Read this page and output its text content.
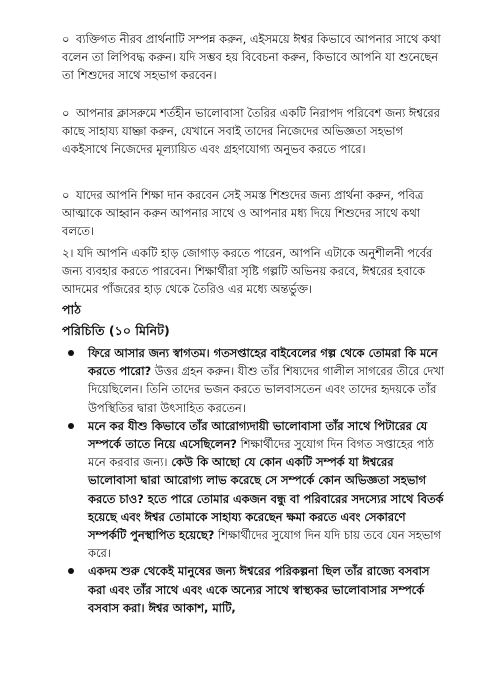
০ ব্যক্তিগত নীরব প্রার্থনাটি সম্পন্ন করুন, এইসময়ে ঈশ্বর কিভাবে আপনার সাথে কথা বলেন তা লিপিবদ্ধ করুন। যদি সম্ভব হয় বিবেচনা করুন, কিভাবে আপনি যা শুনেছেন তা শিশুদের সাথে সহভাগ করবেন।
০ আপনার ক্লাসরুমে শর্তহীন ভালোবাসা তৈরির একটি নিরাপদ পরিবেশ জন্য ঈশ্বরের কাছে সাহায্য যাচ্ঞা করুন, যেখানে সবাই তাদের নিজেদের অভিজ্ঞতা সহভাগ একইসাথে নিজেদের মূল্যায়িত এবং গ্রহণযোগ্য অনুভব করতে পারে।
০ যাদের আপনি শিক্ষা দান করবেন সেই সমস্ত শিশুদের জন্য প্রার্থনা করুন, পবিত্র আত্মাকে আহ্বান করুন আপনার সাথে ও আপনার মধ্য দিয়ে শিশুদের সাথে কথা বলতে।
২। যদি আপনি একটি হাড় জোগাড় করতে পারেন, আপনি এটাকে অনুশীলনী পর্বের জন্য ব্যবহার করতে পারবেন। শিক্ষার্থীরা সৃষ্টি গল্পটি অভিনয় করবে, ঈশ্বরের হবাকে আদমের পাঁজরের হাড় থেকে তৈরিও এর মধ্যে অন্তর্ভুক্ত।
পাঠ
পরিচিতি (১০ মিনিট)
ফিরে আসার জন্য স্বাগতম। গতসপ্তাহের বাইবেলের গল্প থেকে তোমরা কি মনে করতে পারো? উত্তর গ্রহন করুন। যীশু তাঁর শিষ্যদের গালীল সাগরের তীরে দেখা দিয়েছিলেন। তিনি তাদের ভজন করতে ভালবাসতেন এবং তাদের হৃদয়কে তাঁর উপস্থিতির দ্বারা উৎসাহিত করতেন।
মনে কর যীশু কিভাবে তাঁর আরোগ্যদায়ী ভালোবাসা তাঁর সাথে পিটারের যে সম্পর্কে তাতে নিয়ে এসেছিলেন? শিক্ষার্থীদের সুযোগ দিন বিগত সপ্তাহের পাঠ মনে করবার জন্য। কেউ কি আছো যে কোন একটি সম্পর্ক যা ঈশ্বরের ভালোবাসা দ্বারা আরোগ্য লাভ করেছে সে সম্পর্কে কোন অভিজ্ঞতা সহভাগ করতে চাও? হতে পারে তোমার একজন বন্ধু বা পরিবারের সদস্যের সাথে বিতর্ক হয়েছে এবং ঈশ্বর তোমাকে সাহায্য করেছেন ক্ষমা করতে এবং সেকারণে সম্পর্কটি পুনস্থাপিত হয়েছে? শিক্ষার্থীদের সুযোগ দিন যদি চায় তবে যেন সহভাগ করে।
একদম শুরু থেকেই মানুষের জন্য ঈশ্বরের পরিকল্পনা ছিল তাঁর রাজ্যে বসবাস করা এবং তাঁর সাথে এবং একে অন্যের সাথে স্বাস্থ্যকর ভালোবাসার সম্পর্কে বসবাস করা। ঈশ্বর আকাশ, মাটি,
